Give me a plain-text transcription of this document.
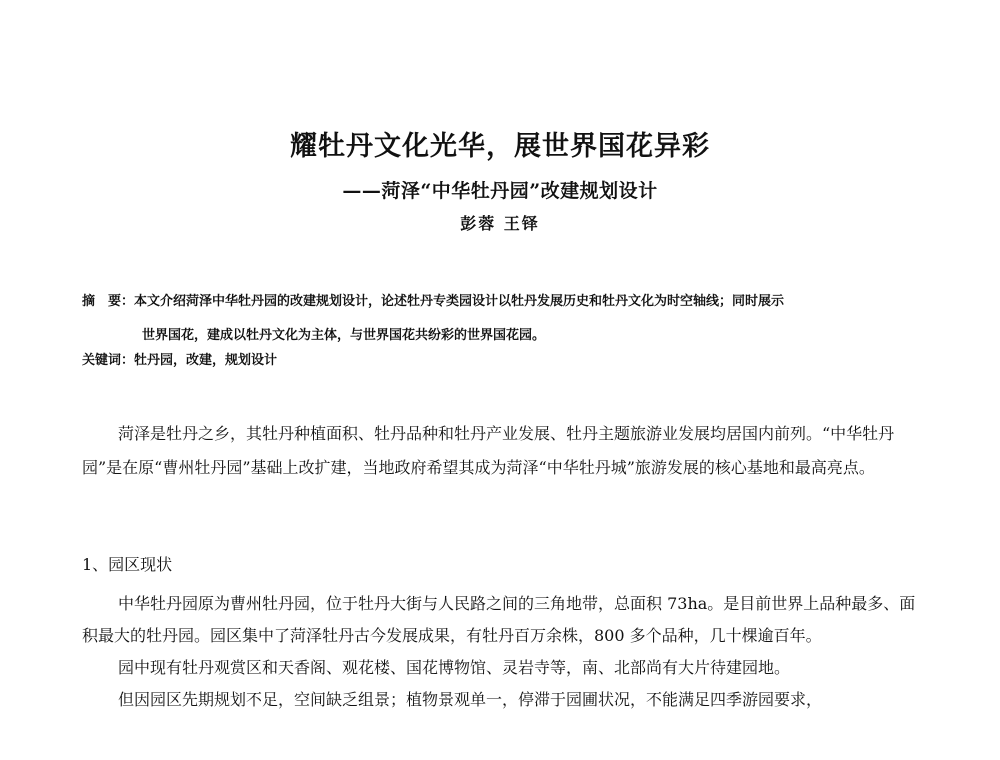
耀牡丹文化光华，展世界国花异彩
——菏泽“中华牡丹园”改建规划设计
彭蓉 王铎
摘　要：本文介绍菏泽中华牡丹园的改建规划设计，论述牡丹专类园设计以牡丹发展历史和牡丹文化为时空轴线；同时展示
世界国花，建成以牡丹文化为主体，与世界国花共纷彩的世界国花园。
关键词：牡丹园，改建，规划设计

菏泽是牡丹之乡，其牡丹种植面积、牡丹品种和牡丹产业发展、牡丹主题旅游业发展均居国内前列。“中华牡丹园”是在原“曹州牡丹园”基础上改扩建，当地政府希望其成为菏泽“中华牡丹城”旅游发展的核心基地和最高亮点。

1、园区现状

中华牡丹园原为曹州牡丹园，位于牡丹大街与人民路之间的三角地带，总面积 73ha。是目前世界上品种最多、面积最大的牡丹园。园区集中了菏泽牡丹古今发展成果，有牡丹百万余株，800 多个品种，几十棵逾百年。

园中现有牡丹观赏区和天香阁、观花楼、国花博物馆、灵岩寺等，南、北部尚有大片待建园地。

但因园区先期规划不足，空间缺乏组景；植物景观单一，停滞于园圃状况，不能满足四季游园要求，
